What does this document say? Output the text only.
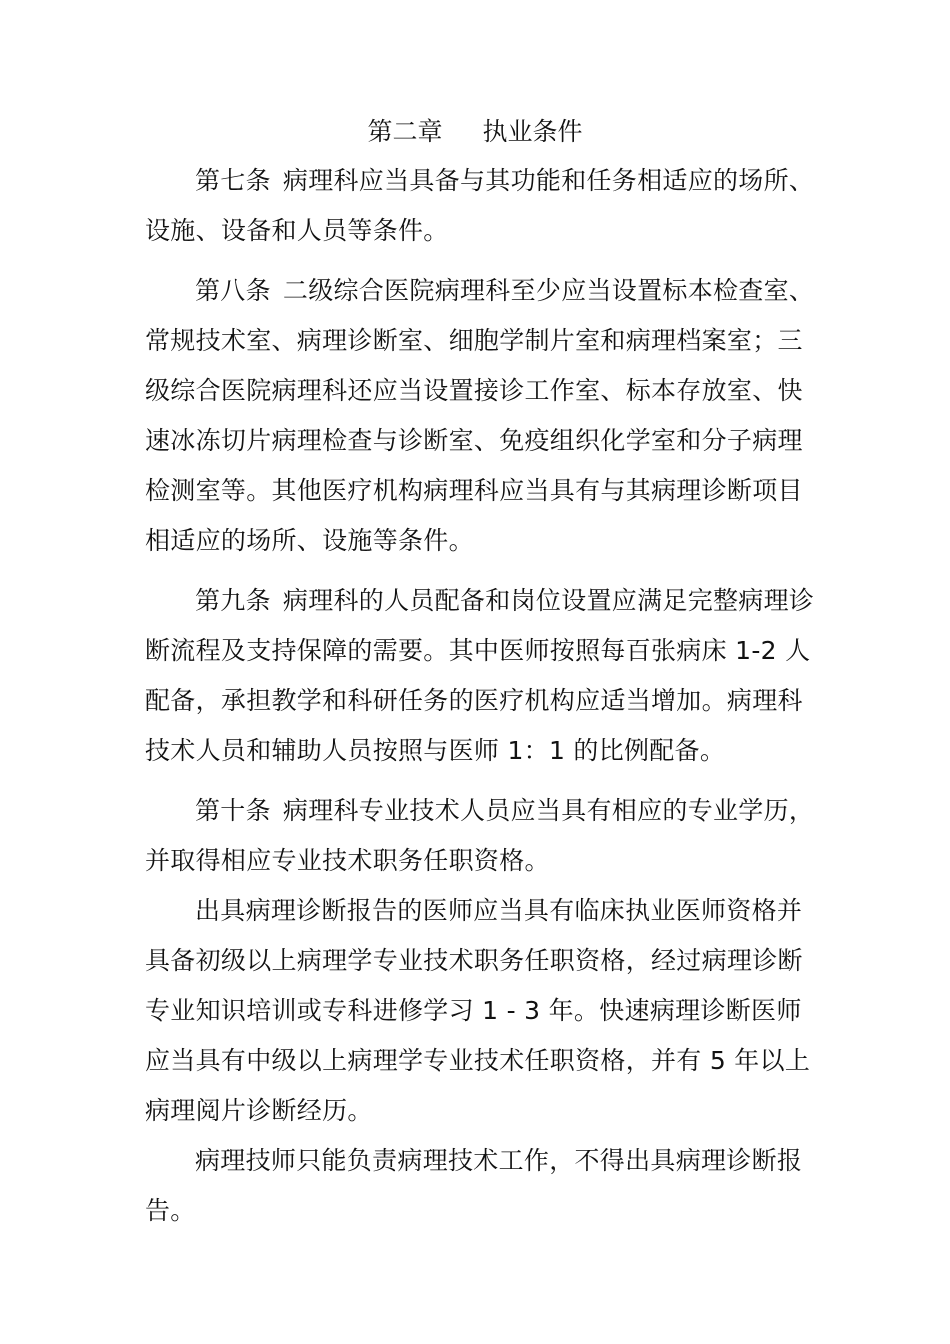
第二章 执业条件

第七条 病理科应当具备与其功能和任务相适应的场所、设施、设备和人员等条件。

第八条 二级综合医院病理科至少应当设置标本检查室、常规技术室、病理诊断室、细胞学制片室和病理档案室；三级综合医院病理科还应当设置接诊工作室、标本存放室、快速冰冻切片病理检查与诊断室、免疫组织化学室和分子病理检测室等。其他医疗机构病理科应当具有与其病理诊断项目相适应的场所、设施等条件。

第九条 病理科的人员配备和岗位设置应满足完整病理诊断流程及支持保障的需要。其中医师按照每百张病床 1-2 人配备，承担教学和科研任务的医疗机构应适当增加。病理科技术人员和辅助人员按照与医师 1：1 的比例配备。

第十条 病理科专业技术人员应当具有相应的专业学历，并取得相应专业技术职务任职资格。

出具病理诊断报告的医师应当具有临床执业医师资格并具备初级以上病理学专业技术职务任职资格，经过病理诊断专业知识培训或专科进修学习 1 - 3 年。快速病理诊断医师应当具有中级以上病理学专业技术任职资格，并有 5 年以上病理阅片诊断经历。

病理技师只能负责病理技术工作，不得出具病理诊断报告。
